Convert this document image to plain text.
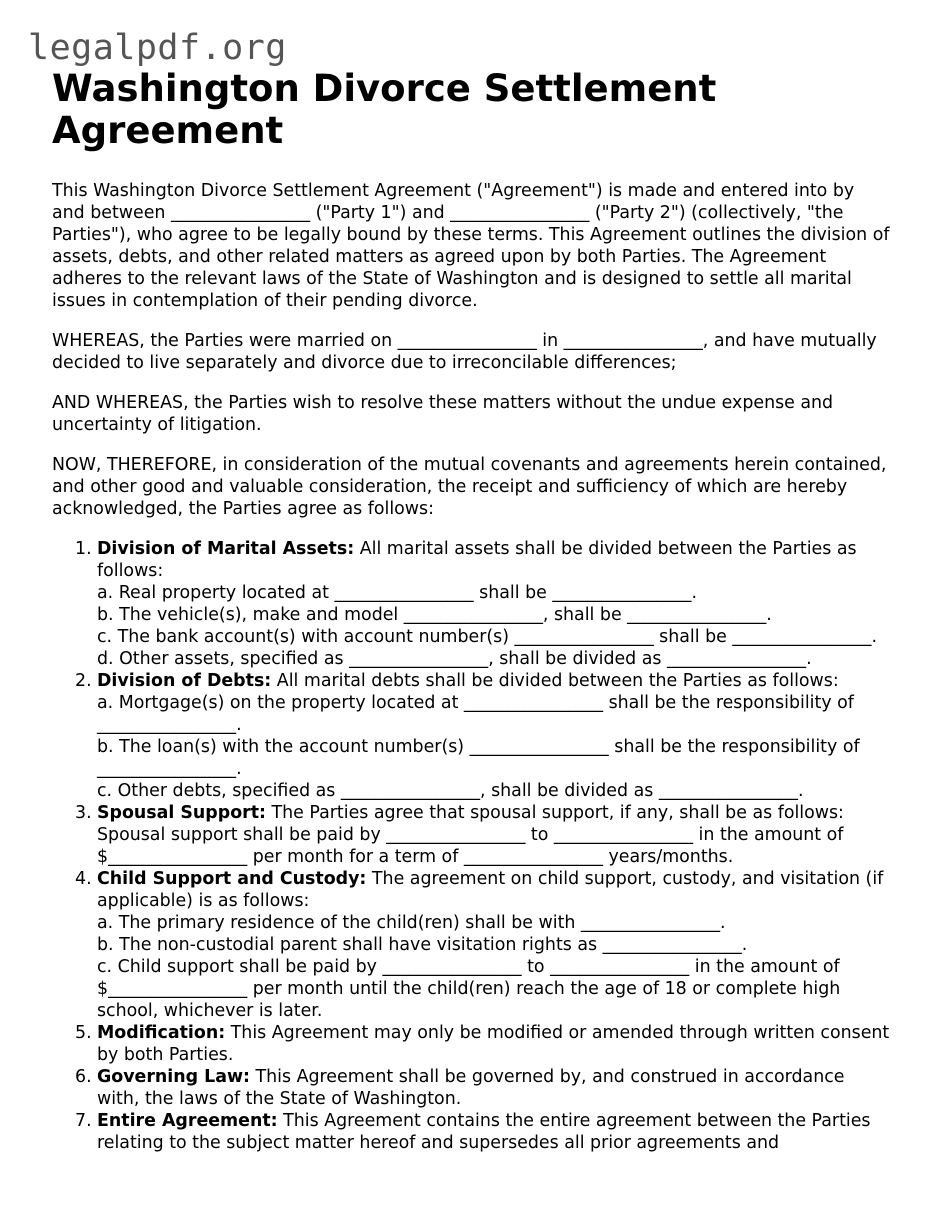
legalpdf.org
Washington Divorce Settlement Agreement

This Washington Divorce Settlement Agreement ("Agreement") is made and entered into by and between ________________ ("Party 1") and ________________ ("Party 2") (collectively, "the Parties"), who agree to be legally bound by these terms. This Agreement outlines the division of assets, debts, and other related matters as agreed upon by both Parties. The Agreement adheres to the relevant laws of the State of Washington and is designed to settle all marital issues in contemplation of their pending divorce.

WHEREAS, the Parties were married on ________________ in ________________, and have mutually decided to live separately and divorce due to irreconcilable differences;

AND WHEREAS, the Parties wish to resolve these matters without the undue expense and uncertainty of litigation.

NOW, THEREFORE, in consideration of the mutual covenants and agreements herein contained, and other good and valuable consideration, the receipt and sufficiency of which are hereby acknowledged, the Parties agree as follows:

1. Division of Marital Assets: All marital assets shall be divided between the Parties as follows:
a. Real property located at ________________ shall be ________________.
b. The vehicle(s), make and model ________________, shall be ________________.
c. The bank account(s) with account number(s) ________________ shall be ________________.
d. Other assets, specified as ________________, shall be divided as ________________.
2. Division of Debts: All marital debts shall be divided between the Parties as follows:
a. Mortgage(s) on the property located at ________________ shall be the responsibility of ________________.
b. The loan(s) with the account number(s) ________________ shall be the responsibility of ________________.
c. Other debts, specified as ________________, shall be divided as ________________.
3. Spousal Support: The Parties agree that spousal support, if any, shall be as follows:
Spousal support shall be paid by ________________ to ________________ in the amount of $________________ per month for a term of ________________ years/months.
4. Child Support and Custody: The agreement on child support, custody, and visitation (if applicable) is as follows:
a. The primary residence of the child(ren) shall be with ________________.
b. The non-custodial parent shall have visitation rights as ________________.
c. Child support shall be paid by ________________ to ________________ in the amount of $________________ per month until the child(ren) reach the age of 18 or complete high school, whichever is later.
5. Modification: This Agreement may only be modified or amended through written consent by both Parties.
6. Governing Law: This Agreement shall be governed by, and construed in accordance with, the laws of the State of Washington.
7. Entire Agreement: This Agreement contains the entire agreement between the Parties relating to the subject matter hereof and supersedes all prior agreements and
